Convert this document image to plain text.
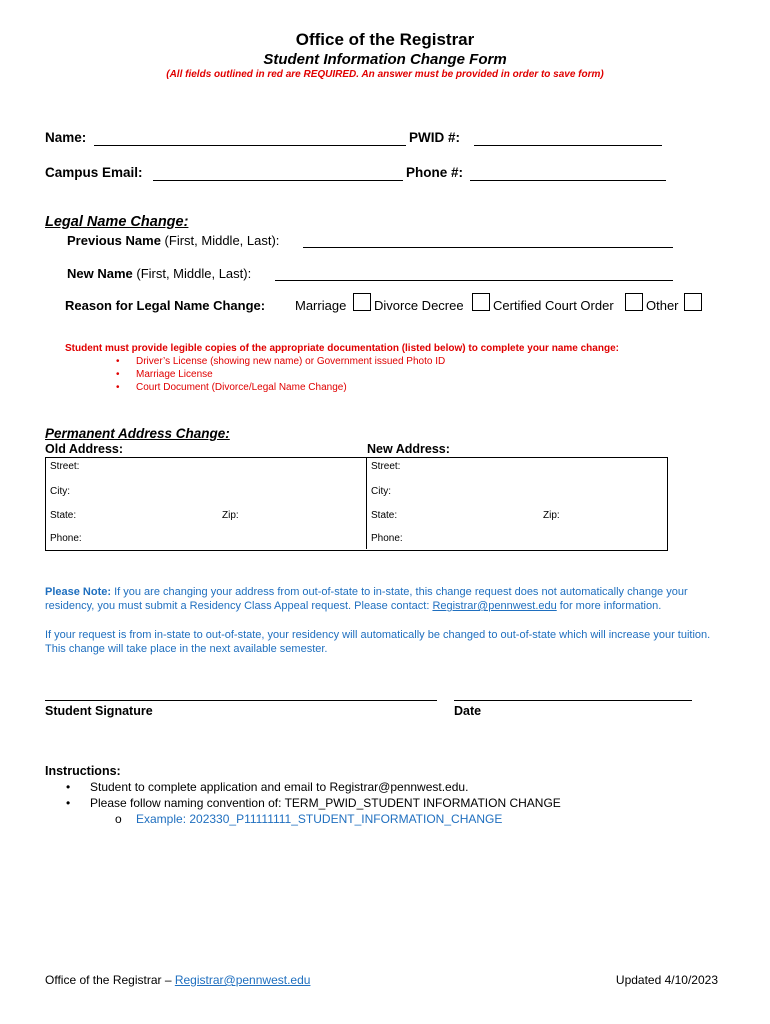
Office of the Registrar
Student Information Change Form
(All fields outlined in red are REQUIRED. An answer must be provided in order to save form)
Name:	PWID #:
Campus Email:	Phone #:
Legal Name Change:
Previous Name (First, Middle, Last):
New Name (First, Middle, Last):
Reason for Legal Name Change: Marriage Divorce Decree Certified Court Order Other
Student must provide legible copies of the appropriate documentation (listed below) to complete your name change:
• Driver’s License (showing new name) or Government issued Photo ID
• Marriage License
• Court Document (Divorce/Legal Name Change)
Permanent Address Change:
Old Address:	New Address:
Street:
City:
State:	Zip:
Phone:
Street:
City:
State:	Zip:
Phone:
Please Note: If you are changing your address from out-of-state to in-state, this change request does not automatically change your residency, you must submit a Residency Class Appeal request. Please contact: Registrar@pennwest.edu for more information.
If your request is from in-state to out-of-state, your residency will automatically be changed to out-of-state which will increase your tuition. This change will take place in the next available semester.
Student Signature	Date
Instructions:
• Student to complete application and email to Registrar@pennwest.edu.
• Please follow naming convention of: TERM_PWID_STUDENT INFORMATION CHANGE
o Example: 202330_P11111111_STUDENT_INFORMATION_CHANGE
Office of the Registrar – Registrar@pennwest.edu	Updated 4/10/2023
